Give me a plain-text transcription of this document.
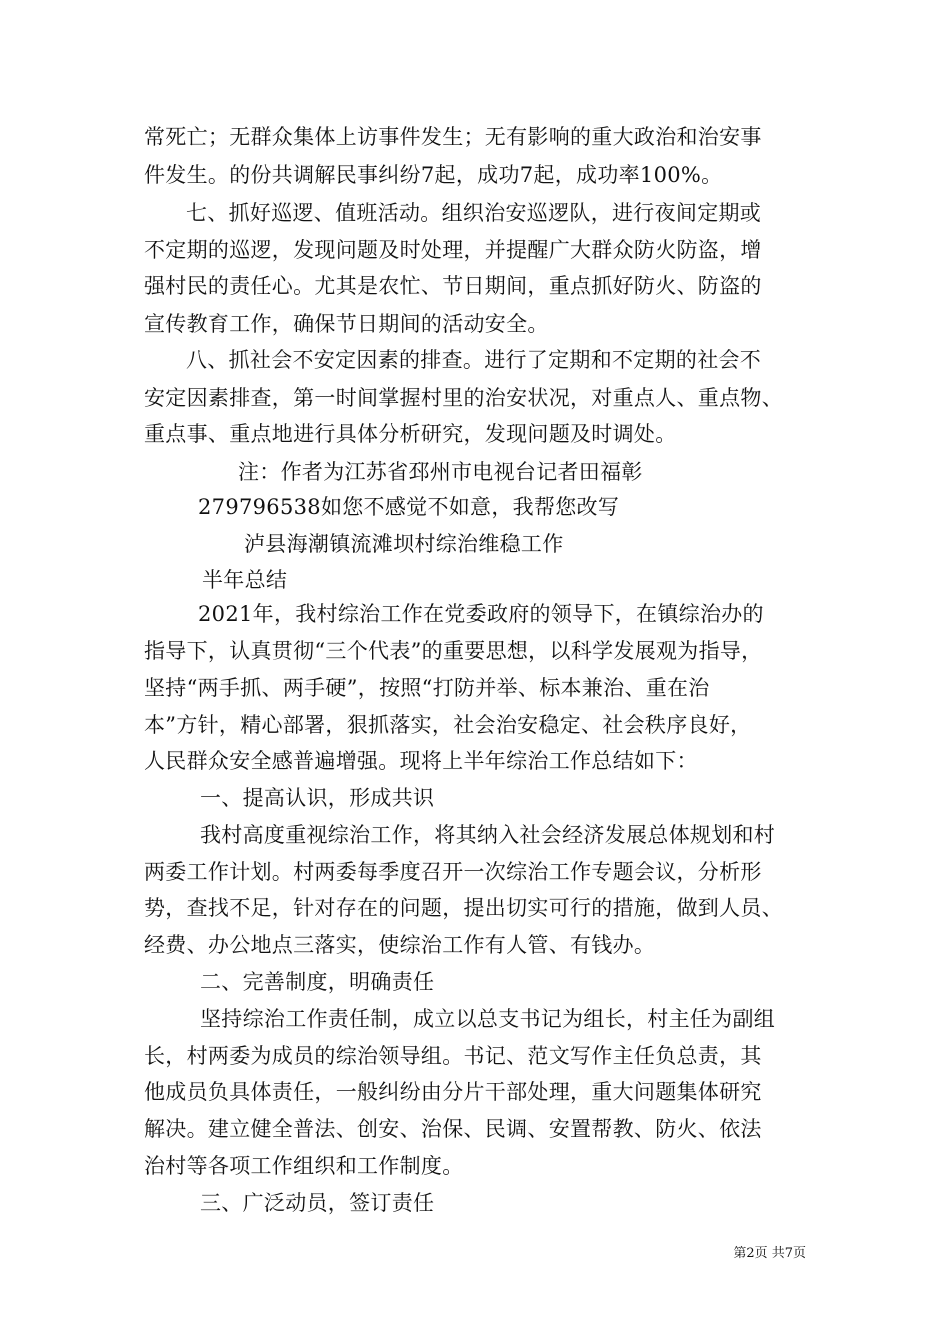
常死亡；无群众集体上访事件发生；无有影响的重大政治和治安事
件发生。的份共调解民事纠纷7起，成功7起，成功率100%。
七、抓好巡逻、值班活动。组织治安巡逻队，进行夜间定期或
不定期的巡逻，发现问题及时处理，并提醒广大群众防火防盗，增
强村民的责任心。尤其是农忙、节日期间，重点抓好防火、防盗的
宣传教育工作，确保节日期间的活动安全。
八、抓社会不安定因素的排查。进行了定期和不定期的社会不
安定因素排查，第一时间掌握村里的治安状况，对重点人、重点物、
重点事、重点地进行具体分析研究，发现问题及时调处。
注：作者为江苏省邳州市电视台记者田福彰
279796538如您不感觉不如意，我帮您改写
泸县海潮镇流滩坝村综治维稳工作
半年总结
2021年，我村综治工作在党委政府的领导下，在镇综治办的
指导下，认真贯彻“三个代表”的重要思想，以科学发展观为指导，
坚持“两手抓、两手硬”，按照“打防并举、标本兼治、重在治
本”方针，精心部署，狠抓落实，社会治安稳定、社会秩序良好，
人民群众安全感普遍增强。现将上半年综治工作总结如下：
一、提高认识，形成共识
我村高度重视综治工作，将其纳入社会经济发展总体规划和村
两委工作计划。村两委每季度召开一次综治工作专题会议，分析形
势，查找不足，针对存在的问题，提出切实可行的措施，做到人员、
经费、办公地点三落实，使综治工作有人管、有钱办。
二、完善制度，明确责任
坚持综治工作责任制，成立以总支书记为组长，村主任为副组
长，村两委为成员的综治领导组。书记、范文写作主任负总责，其
他成员负具体责任，一般纠纷由分片干部处理，重大问题集体研究
解决。建立健全普法、创安、治保、民调、安置帮教、防火、依法
治村等各项工作组织和工作制度。
三、广泛动员，签订责任
第2页 共7页
